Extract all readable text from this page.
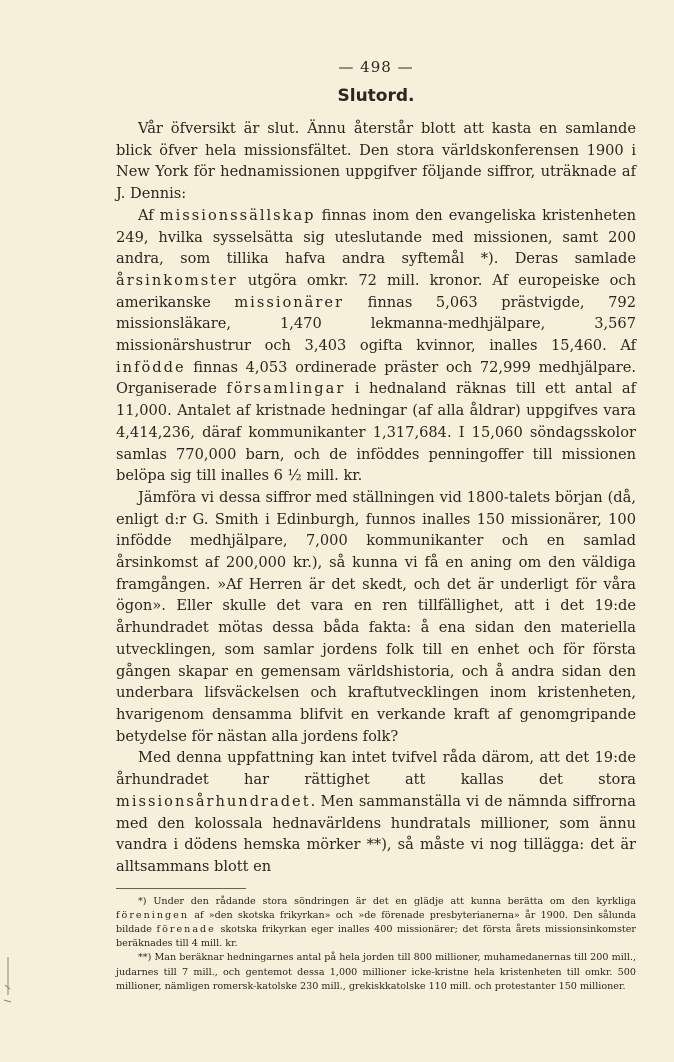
— 498 —
Slutord.

Vår öfversikt är slut. Ännu återstår blott att kasta en samlande blick öfver hela missionsfältet. Den stora världskonferensen 1900 i New York för hednamissionen uppgifver följande siffror, uträknade af J. Dennis:

Af missionssällskap finnas inom den evangeliska kristenheten 249, hvilka sysselsätta sig uteslutande med missionen, samt 200 andra, som tillika hafva andra syftemål *). Deras samlade årsinkomster utgöra omkr. 72 mill. kronor. Af europeiske och amerikanske missionärer finnas 5,063 prästvigde, 792 missionsläkare, 1,470 lekmanna-medhjälpare, 3,567 missionärshustrur och 3,403 ogifta kvinnor, inalles 15,460. Af infödde finnas 4,053 ordinerade präster och 72,999 medhjälpare. Organiserade församlingar i hednaland räknas till ett antal af 11,000. Antalet af kristnade hedningar (af alla åldrar) uppgifves vara 4,414,236, däraf kommunikanter 1,317,684. I 15,060 söndagsskolor samlas 770,000 barn, och de inföddes penningoffer till missionen belöpa sig till inalles 6 ½ mill. kr.

Jämföra vi dessa siffror med ställningen vid 1800-talets början (då, enligt d:r G. Smith i Edinburgh, funnos inalles 150 missionärer, 100 infödde medhjälpare, 7,000 kommunikanter och en samlad årsinkomst af 200,000 kr.), så kunna vi få en aning om den väldiga framgången. »Af Herren är det skedt, och det är underligt för våra ögon». Eller skulle det vara en ren tillfällighet, att i det 19:de århundradet mötas dessa båda fakta: å ena sidan den materiella utvecklingen, som samlar jordens folk till en enhet och för första gången skapar en gemensam världshistoria, och å andra sidan den underbara lifsväckelsen och kraftutvecklingen inom kristenheten, hvarigenom densamma blifvit en verkande kraft af genomgripande betydelse för nästan alla jordens folk?

Med denna uppfattning kan intet tvifvel råda därom, att det 19:de århundradet har rättighet att kallas det stora missionsårhundradet. Men sammanställa vi de nämnda siffrorna med den kolossala hednavärldens hundratals millioner, som ännu vandra i dödens hemska mörker **), så måste vi nog tillägga: det är alltsammans blott en

*) Under den rådande stora söndringen är det en glädje att kunna berätta om den kyrkliga föreningen af »den skotska frikyrkan» och »de förenade presbyterianerna» år 1900. Den sålunda bildade förenade skotska frikyrkan eger inalles 400 missionärer; det första årets missionsinkomster beräknades till 4 mill. kr.

**) Man beräknar hedningarnes antal på hela jorden till 800 millioner, muhamedanernas till 200 mill., judarnes till 7 mill., och gentemot dessa 1,000 millioner icke-kristne hela kristenheten till omkr. 500 millioner, nämligen romersk-katolske 230 mill., grekiskkatolske 110 mill. och protestanter 150 millioner.
